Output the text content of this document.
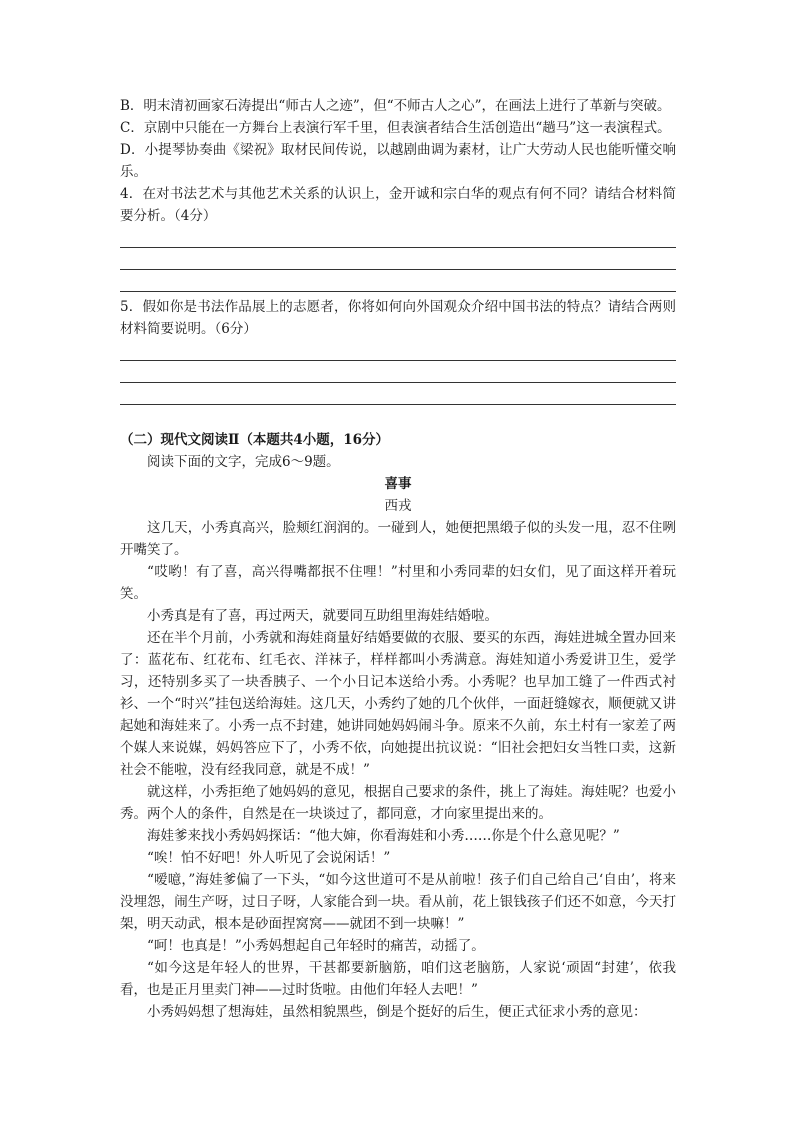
B．明末清初画家石涛提出“师古人之迹”，但“不师古人之心”，在画法上进行了革新与突破。

C．京剧中只能在一方舞台上表演行军千里，但表演者结合生活创造出“趟马”这一表演程式。

D．小提琴协奏曲《梁祝》取材民间传说，以越剧曲调为素材，让广大劳动人民也能听懂交响乐。

4．在对书法艺术与其他艺术关系的认识上，金开诚和宗白华的观点有何不同？请结合材料简要分析。（4分）

5．假如你是书法作品展上的志愿者，你将如何向外国观众介绍中国书法的特点？请结合两则材料简要说明。（6分）

（二）现代文阅读Ⅱ（本题共4小题，16分）

阅读下面的文字，完成6～9题。

喜事

西戎

这几天，小秀真高兴，脸颊红润润的。一碰到人，她便把黑缎子似的头发一甩，忍不住咧开嘴笑了。

“哎哟！有了喜，高兴得嘴都抿不住哩！”村里和小秀同辈的妇女们，见了面这样开着玩笑。

小秀真是有了喜，再过两天，就要同互助组里海娃结婚啦。

还在半个月前，小秀就和海娃商量好结婚要做的衣服、要买的东西，海娃进城全置办回来了：蓝花布、红花布、红毛衣、洋袜子，样样都叫小秀满意。海娃知道小秀爱讲卫生，爱学习，还特别多买了一块香胰子、一个小日记本送给小秀。小秀呢？也早加工缝了一件西式衬衫、一个“时兴”挂包送给海娃。这几天，小秀约了她的几个伙伴，一面赶缝嫁衣，顺便就又讲起她和海娃来了。小秀一点不封建，她讲同她妈妈闹斗争。原来不久前，东土村有一家差了两个媒人来说媒，妈妈答应下了，小秀不依，向她提出抗议说：“旧社会把妇女当牲口卖，这新社会不能啦，没有经我同意，就是不成！”

就这样，小秀拒绝了她妈妈的意见，根据自己要求的条件，挑上了海娃。海娃呢？也爱小秀。两个人的条件，自然是在一块谈过了，都同意，才向家里提出来的。

海娃爹来找小秀妈妈探话：“他大婶，你看海娃和小秀……你是个什么意见呢？”

“唉！怕不好吧！外人听见了会说闲话！”

“嗳噫，”海娃爹偏了一下头，“如今这世道可不是从前啦！孩子们自己给自己‘自由’，将来没埋怨，闹生产呀，过日子呀，人家能合到一块。看从前，花上银钱孩子们还不如意，今天打架，明天动武，根本是砂面捏窝窝——就团不到一块嘛！”

“呵！也真是！”小秀妈想起自己年轻时的痛苦，动摇了。

“如今这是年轻人的世界，干甚都要新脑筋，咱们这老脑筋，人家说‘顽固“封建’，依我看，也是正月里卖门神——过时货啦。由他们年轻人去吧！”

小秀妈妈想了想海娃，虽然相貌黑些，倒是个挺好的后生，便正式征求小秀的意见：
